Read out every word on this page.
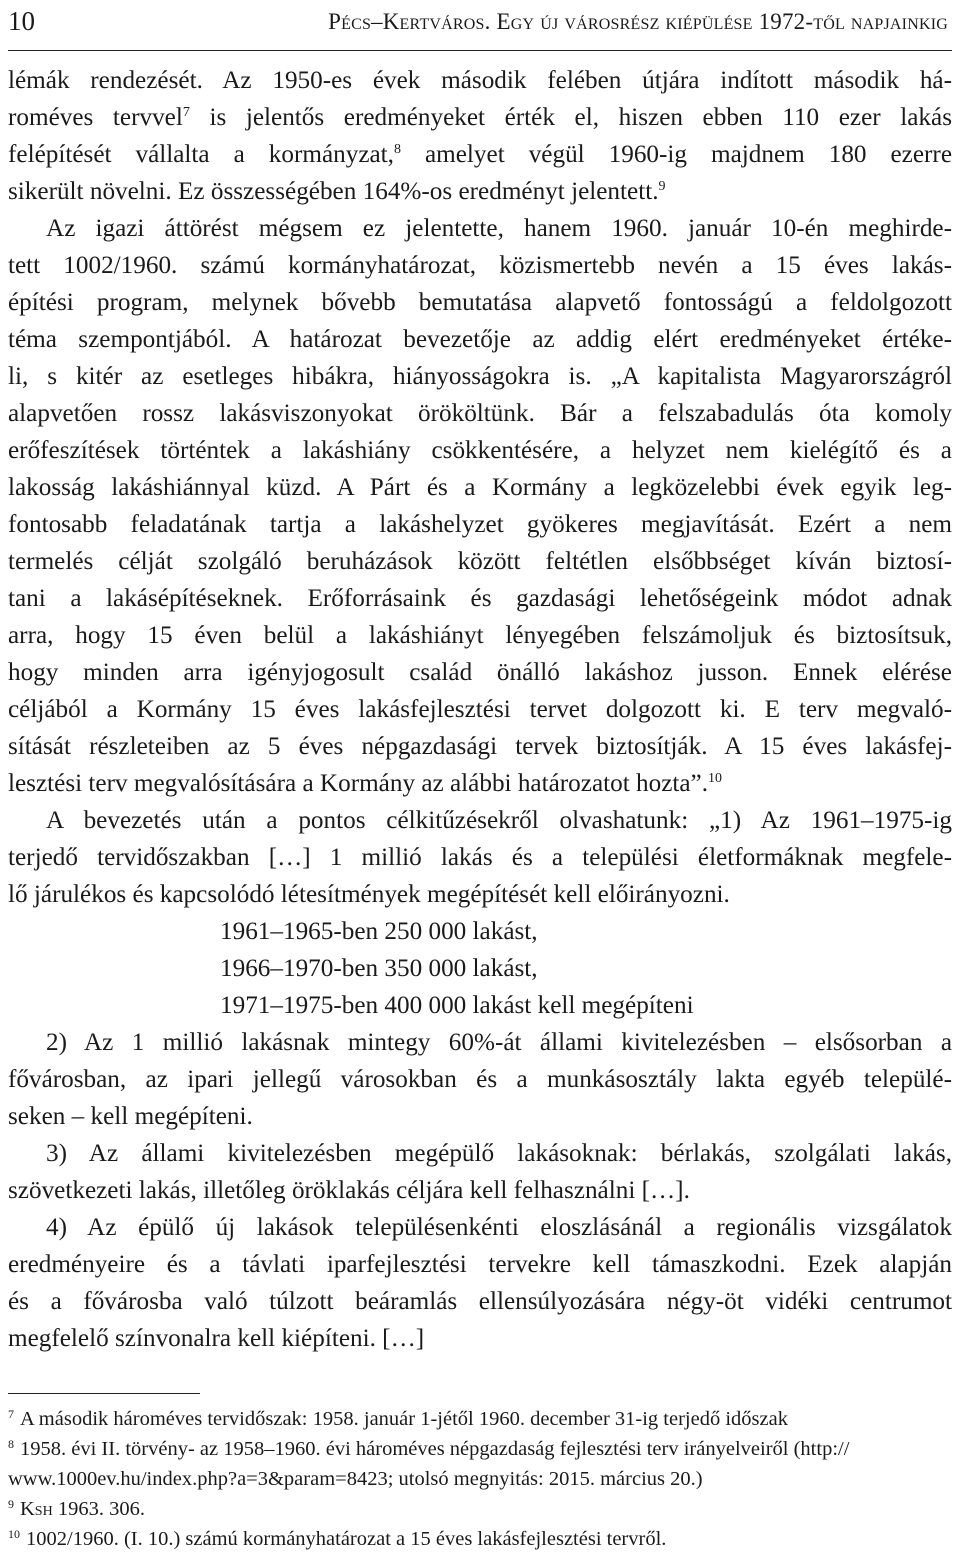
10	Pécs–Kertváros. Egy új városrész kiépülése 1972-től napjainkig
lémák rendezését. Az 1950-es évek második felében útjára indított második há-
roméves tervvel$^7$ is jelentős eredményeket érték el, hiszen ebben 110 ezer lakás
felépítését vállalta a kormányzat,$^8$ amelyet végül 1960-ig majdnem 180 ezerre
sikerült növelni. Ez összességében 164%-os eredményt jelentett.$^9$
Az igazi áttörést mégsem ez jelentette, hanem 1960. január 10-én meghirde-
tett 1002/1960. számú kormányhatározat, közismertebb nevén a 15 éves lakás-
építési program, melynek bővebb bemutatása alapvető fontosságú a feldolgozott
téma szempontjából. A határozat bevezetője az addig elért eredményeket értéke-
li, s kitér az esetleges hibákra, hiányosságokra is. „A kapitalista Magyarországról
alapvetően rossz lakásviszonyokat örököltünk. Bár a felszabadulás óta komoly
erőfeszítések történtek a lakáshiány csökkentésére, a helyzet nem kielégítő és a
lakosság lakáshiánnyal küzd. A Párt és a Kormány a legközelebbi évek egyik leg-
fontosabb feladatának tartja a lakáshelyzet gyökeres megjavítását. Ezért a nem
termelés célját szolgáló beruházások között feltétlen elsőbbséget kíván biztosí-
tani a lakásépítéseknek. Erőforrásaink és gazdasági lehetőségeink módot adnak
arra, hogy 15 éven belül a lakáshiányt lényegében felszámoljuk és biztosítsuk,
hogy minden arra igényjogosult család önálló lakáshoz jusson. Ennek elérése
céljából a Kormány 15 éves lakásfejlesztési tervet dolgozott ki. E terv megvaló-
sítását részleteiben az 5 éves népgazdasági tervek biztosítják. A 15 éves lakásfej-
lesztési terv megvalósítására a Kormány az alábbi határozatot hozta”.$^{10}$
A bevezetés után a pontos célkitűzésekről olvashatunk: „1) Az 1961–1975-ig
terjedő tervidőszakban […] 1 millió lakás és a települési életformáknak megfele-
lő járulékos és kapcsolódó létesítmények megépítését kell előirányozni.
1961–1965-ben 250 000 lakást,
1966–1970-ben 350 000 lakást,
1971–1975-ben 400 000 lakást kell megépíteni
2) Az 1 millió lakásnak mintegy 60%-át állami kivitelezésben – elsősorban a
fővárosban, az ipari jellegű városokban és a munkásosztály lakta egyéb települé-
seken – kell megépíteni.
3) Az állami kivitelezésben megépülő lakásoknak: bérlakás, szolgálati lakás,
szövetkezeti lakás, illetőleg öröklakás céljára kell felhasználni […].
4) Az épülő új lakások településenkénti eloszlásánál a regionális vizsgálatok
eredményeire és a távlati iparfejlesztési tervekre kell támaszkodni. Ezek alapján
és a fővárosba való túlzott beáramlás ellensúlyozására négy-öt vidéki centrumot
megfelelő színvonalra kell kiépíteni. […]
$^7$ A második hároméves tervidőszak: 1958. január 1-jétől 1960. december 31-ig terjedő időszak
$^8$ 1958. évi II. törvény- az 1958–1960. évi hároméves népgazdaság fejlesztési terv irányelveiről (http://
www.1000ev.hu/index.php?a=3&param=8423; utolsó megnyitás: 2015. március 20.)
$^9$ Ksh 1963. 306.
$^{10}$ 1002/1960. (I. 10.) számú kormányhatározat a 15 éves lakásfejlesztési tervről.
